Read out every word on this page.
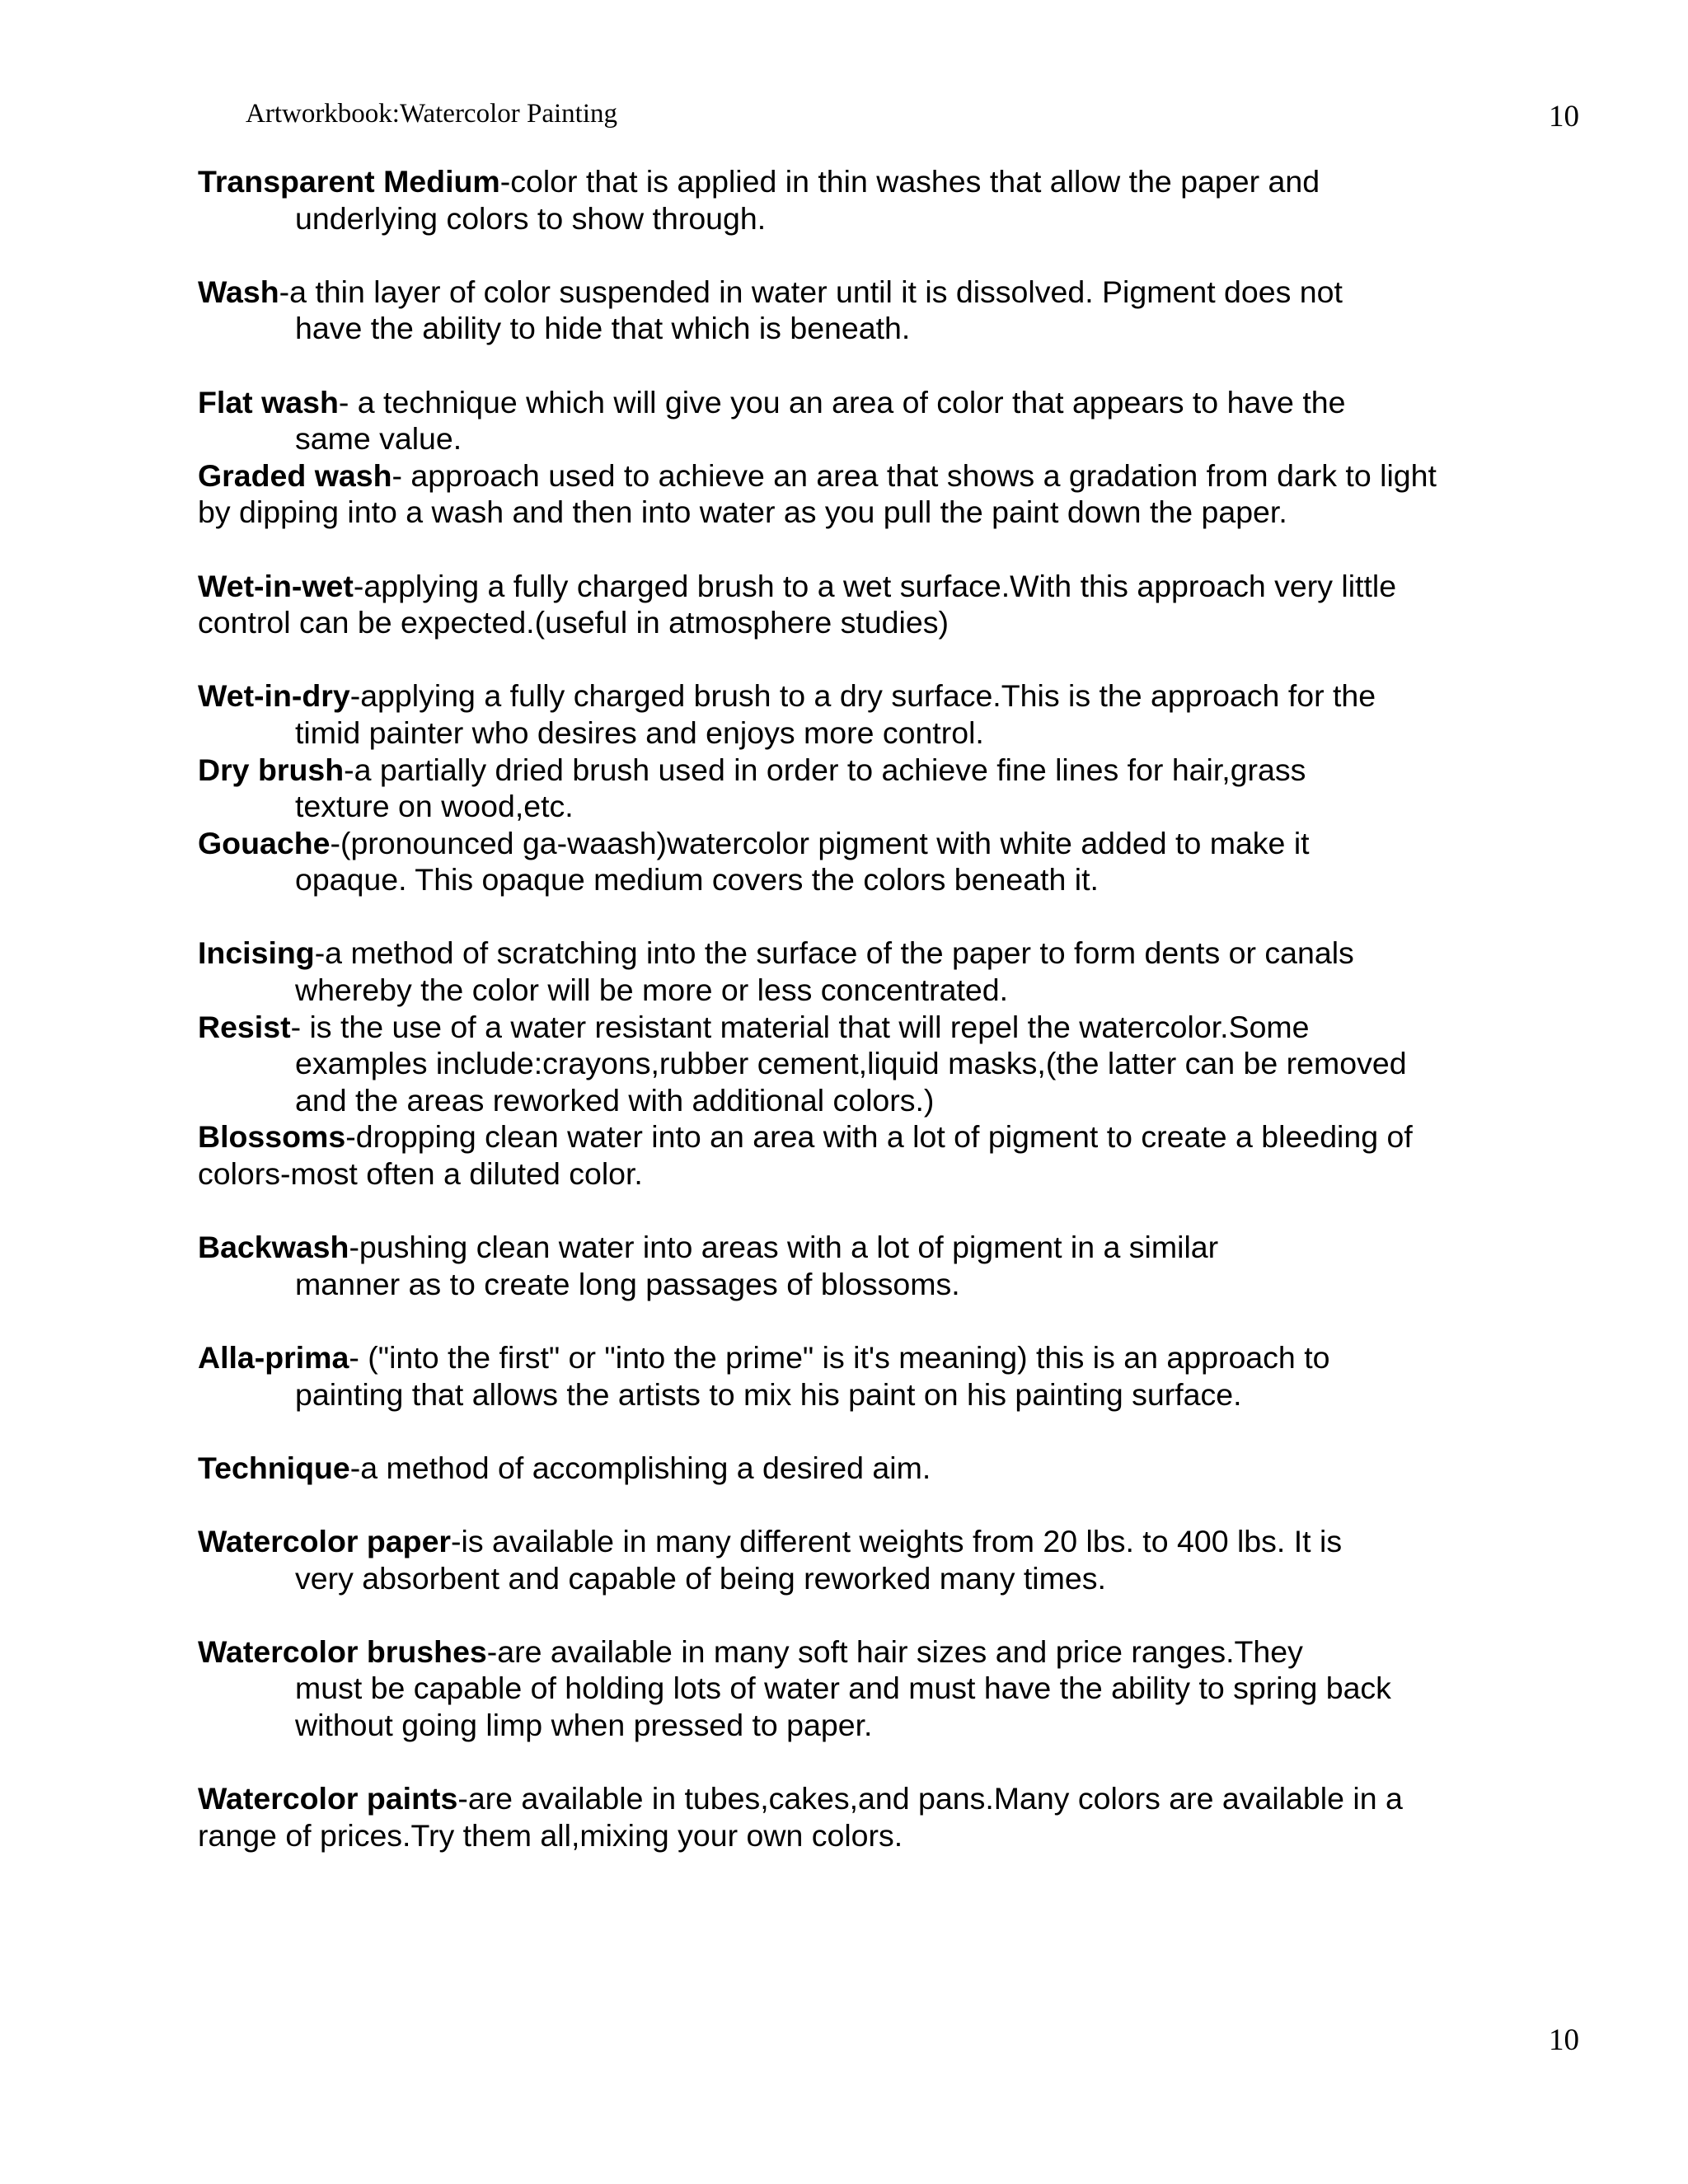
Artworkbook:Watercolor Painting	10

Transparent Medium-color that is applied in thin washes that allow the paper and
underlying colors to show through.

Wash-a thin layer of color suspended in water until it is dissolved. Pigment does not
have the ability to hide that which is beneath.

Flat wash- a technique which will give you an area of color that appears to have the
same value.

Graded wash- approach used to achieve an area that shows a gradation from dark to light
by dipping into a wash and then into water as you pull the paint down the paper.

Wet-in-wet-applying a fully charged brush to a wet surface.With this approach very little
control can be expected.(useful in atmosphere studies)

Wet-in-dry-applying a fully charged brush to a dry surface.This is the approach for the
timid painter who desires and enjoys more control.

Dry brush-a partially dried brush used in order to achieve fine lines for hair,grass
texture on wood,etc.

Gouache-(pronounced ga-waash)watercolor pigment with white added to make it
opaque. This opaque medium covers the colors beneath it.

Incising-a method of scratching into the surface of the paper to form dents or canals
whereby the color will be more or less concentrated.

Resist- is the use of a water resistant material that will repel the watercolor.Some
examples include:crayons,rubber cement,liquid masks,(the latter can be removed
and the areas reworked with additional colors.)

Blossoms-dropping clean water into an area with a lot of pigment to create a bleeding of
colors-most often a diluted color.

Backwash-pushing clean water into areas with a lot of pigment in a similar
manner as to create long passages of blossoms.

Alla-prima- ("into the first" or "into the prime" is it's meaning) this is an approach to
painting that allows the artists to mix his paint on his painting surface.

Technique-a method of accomplishing a desired aim.

Watercolor paper-is available in many different weights from 20 lbs. to 400 lbs. It is
very absorbent and capable of being reworked many times.

Watercolor brushes-are available in many soft hair sizes and price ranges.They
must be capable of holding lots of water and must have the ability to spring back
without going limp when pressed to paper.

Watercolor paints-are available in tubes,cakes,and pans.Many colors are available in a
range of prices.Try them all,mixing your own colors.

10
